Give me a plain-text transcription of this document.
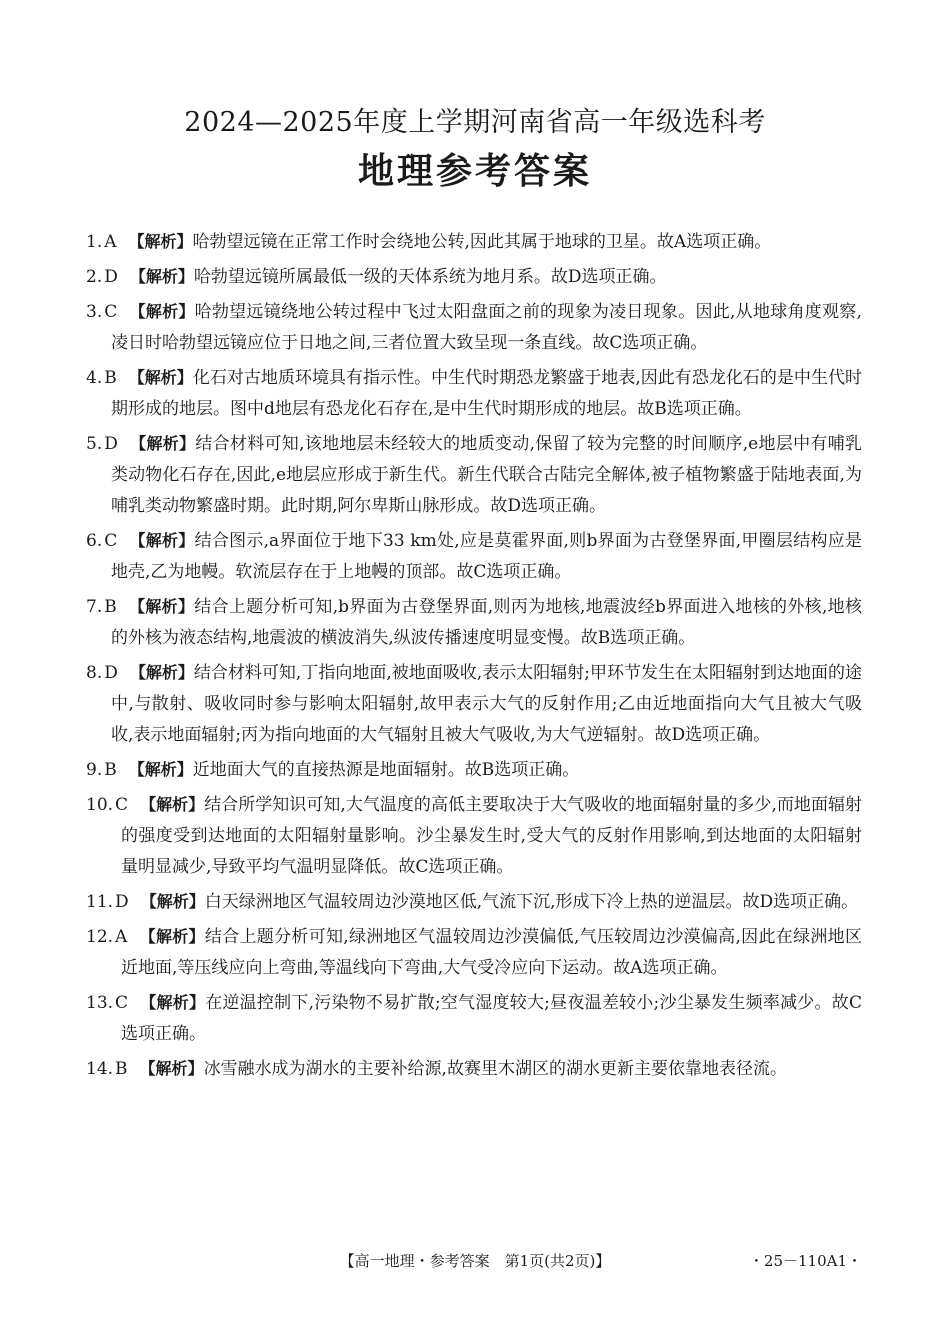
2024—2025年度上学期河南省高一年级选科考
地理参考答案
1. A 【解析】哈勃望远镜在正常工作时会绕地公转,因此其属于地球的卫星。故A选项正确。
2. D 【解析】哈勃望远镜所属最低一级的天体系统为地月系。故D选项正确。
3. C 【解析】哈勃望远镜绕地公转过程中飞过太阳盘面之前的现象为凌日现象。因此,从地球角度观察,凌日时哈勃望远镜应位于日地之间,三者位置大致呈现一条直线。故C选项正确。
4. B 【解析】化石对古地质环境具有指示性。中生代时期恐龙繁盛于地表,因此有恐龙化石的是中生代时期形成的地层。图中d地层有恐龙化石存在,是中生代时期形成的地层。故B选项正确。
5. D 【解析】结合材料可知,该地地层未经较大的地质变动,保留了较为完整的时间顺序,e地层中有哺乳类动物化石存在,因此,e地层应形成于新生代。新生代联合古陆完全解体,被子植物繁盛于陆地表面,为哺乳类动物繁盛时期。此时期,阿尔卑斯山脉形成。故D选项正确。
6. C 【解析】结合图示,a界面位于地下33 km处,应是莫霍界面,则b界面为古登堡界面,甲圈层结构应是地壳,乙为地幔。软流层存在于上地幔的顶部。故C选项正确。
7. B 【解析】结合上题分析可知,b界面为古登堡界面,则丙为地核,地震波经b界面进入地核的外核,地核的外核为液态结构,地震波的横波消失,纵波传播速度明显变慢。故B选项正确。
8. D 【解析】结合材料可知,丁指向地面,被地面吸收,表示太阳辐射;甲环节发生在太阳辐射到达地面的途中,与散射、吸收同时参与影响太阳辐射,故甲表示大气的反射作用;乙由近地面指向大气且被大气吸收,表示地面辐射;丙为指向地面的大气辐射且被大气吸收,为大气逆辐射。故D选项正确。
9. B 【解析】近地面大气的直接热源是地面辐射。故B选项正确。
10. C 【解析】结合所学知识可知,大气温度的高低主要取决于大气吸收的地面辐射量的多少,而地面辐射的强度受到达地面的太阳辐射量影响。沙尘暴发生时,受大气的反射作用影响,到达地面的太阳辐射量明显减少,导致平均气温明显降低。故C选项正确。
11. D 【解析】白天绿洲地区气温较周边沙漠地区低,气流下沉,形成下冷上热的逆温层。故D选项正确。
12. A 【解析】结合上题分析可知,绿洲地区气温较周边沙漠偏低,气压较周边沙漠偏高,因此在绿洲地区近地面,等压线应向上弯曲,等温线向下弯曲,大气受冷应向下运动。故A选项正确。
13. C 【解析】在逆温控制下,污染物不易扩散;空气湿度较大;昼夜温差较小;沙尘暴发生频率减少。故C选项正确。
14. B 【解析】冰雪融水成为湖水的主要补给源,故赛里木湖区的湖水更新主要依靠地表径流。
【高一地理・参考答案　第1页(共2页)】	・25－110A1・
